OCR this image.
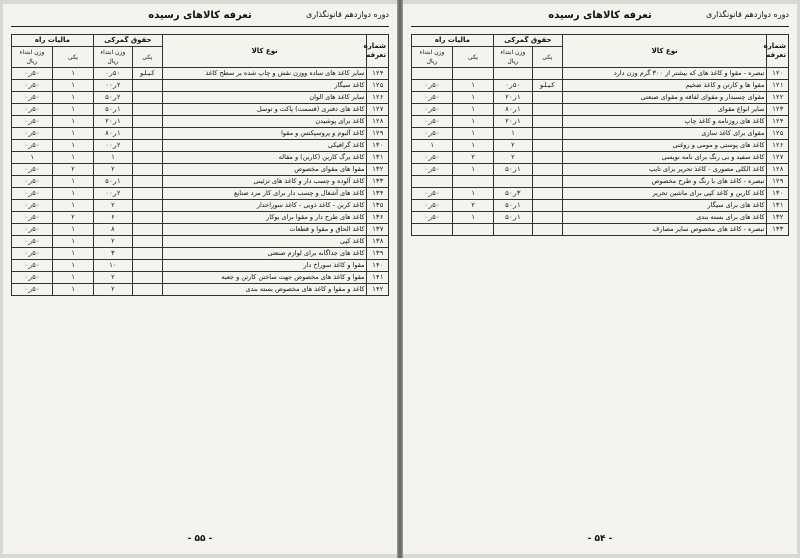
دوره دوازدهم قانونگذاری
تعرفه کالاهای رسیده
شماره تعرفه	نوع کالا	حقوق گمرکی		مالیات راه	
		یکی	وزن ابتداء ریال	یکی	وزن ابتداء ریال
۱۲۴	سایر کاغذ های ساده ووزن نقش و چاپ شده بر سطح کاغذ	کیلو	۵۰ر۰	۱	۵۰ر۰
۱۲۵	کاغذ سیگار		۲ر۰۰	۱	۵۰ر۰
۱۲۶	سایر کاغذ های الوان		۲ر۵۰	۱	۵۰ر۰
۱۲۷	کاغذ های دفتری (قسمت) پاکت و توسل		۱ر۵۰	۱	۵۰ر۰
۱۲۸	کاغذ برای پوشیدن		۱ر۲۰	۱	۵۰ر۰
۱۲۹	کاغذ آلبوم و پروسپکتس و مقوا		۱ر۸۰	۱	۵۰ر۰
۱۳۰	کاغذ گرافیکی		۲ر۰۰	۱	۵۰ر۰
۱۳۱	کاغذ برگ کاربن (کاربن) و مقاله		۱	۱	۱
۱۳۲	مقوا های مقوای مخصوص		۲	۲	۵۰ر۰
۱۳۳	کاغذ آلوده و چسب دار و کاغذ های تزئینی		۱ر۵۰	۱	۵۰ر۰
۱۳۴	کاغذ های آشغال و چسب دار برای کار مرد صنایع		۲ر۰۰	۱	۵۰ر۰
۱۳۵	کاغذ کربن - کاغذ ذوبی - کاغذ سوراخدار		۲	۱	۵۰ر۰
۱۳۶	کاغذ های طرح دار و مقوا برای بوکار		۶	۲	۵۰ر۰
۱۳۷	کاغذ الحاق و مقوا و قطعات		۸	۱	۵۰ر۰
۱۳۸	کاغذ کپی		۲	۱	۵۰ر۰
۱۳۹	کاغذ های جداگانه برای لوازم صنعتی		۳	۱	۵۰ر۰
۱۴۰	مقوا و کاغذ سوراخ دار		۱۰	۱	۵۰ر۰
۱۴۱	مقوا و کاغذ های مخصوص جهت ساختن کارتن و جعبه		۲	۱	۵۰ر۰
۱۴۲	کاغذ و مقوا و کاغذ های مخصوص بسته بندی		۲	۱	۵۰ر۰
- ۵۵ -
دوره دوازدهم قانونگذاری
تعرفه کالاهای رسیده
شماره تعرفه	نوع کالا	حقوق گمرکی		مالیات راه	
		یکی	وزن ابتداء ریال	یکی	وزن ابتداء ریال
۱۲۰	تبصره - مقوا و کاغذ های که بیشتر از ۳۰۰ گرم وزن دارد				
۱۲۱	مقوا ها و کارتن و کاغذ ضخیم	کیلو	۵۰ر۰	۱	۵۰ر۰
۱۲۲	مقوای چسبدار و مقوای لفافه و مقوای صنعتی		۱ر۲۰	۱	۵۰ر۰
۱۲۳	سایر انواع مقوای		۱ر۸۰	۱	۵۰ر۰
۱۲۴	کاغذ های روزنامه و کاغذ چاپ		۱ر۲۰	۱	۵۰ر۰
۱۲۵	مقوای برای کاغذ سازی		۱	۱	۵۰ر۰
۱۲۶	کاغذ های پوستی و مومی و روغنی		۲	۱	۱
۱۲۷	کاغذ سفید و بی رنگ برای نامه نویسی		۲	۲	۵۰ر۰
۱۲۸	کاغذ الکلی مصوری - کاغذ تحریر برای تایپ		۱ر۵۰	۱	۵۰ر۰
۱۲۹	تبصره - کاغذ های با رنگ و طرح مخصوص				
۱۳۰	کاغذ کاربن و کاغذ کپی برای ماشین تحریر		۳ر۵۰	۱	۵۰ر۰
۱۳۱	کاغذ های برای سیگار		۱ر۵۰	۲	۵۰ر۰
۱۳۲	کاغذ های برای بسته بندی		۱ر۵۰	۱	۵۰ر۰
۱۳۳	تبصره - کاغذ های مخصوص سایر مصارف				
- ۵۴ -
